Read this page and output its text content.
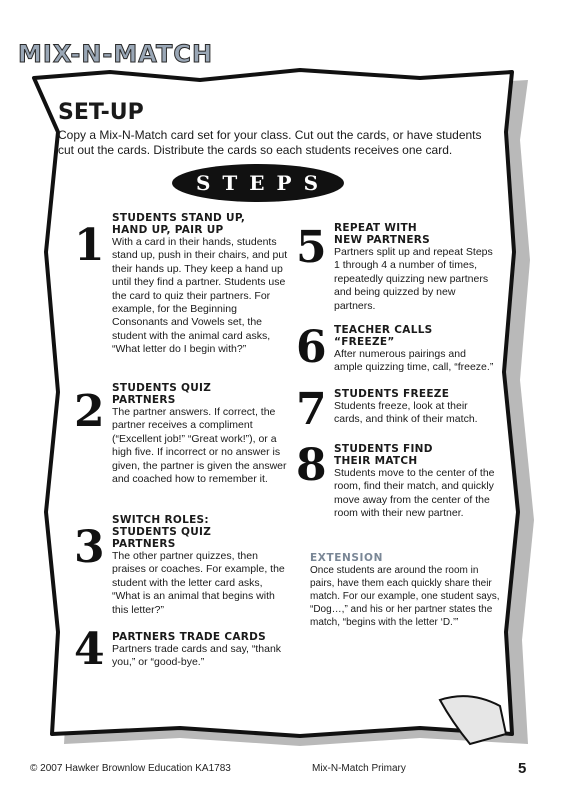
MIX-N-MATCH
SET-UP
Copy a Mix-N-Match card set for your class. Cut out the cards, or have students cut out the cards. Distribute the cards so each students receives one card.
STEPS
1
STUDENTS STAND UP,
HAND UP, PAIR UP
With a card in their hands, students stand up, push in their chairs, and put their hands up. They keep a hand up until they find a partner. Students use the card to quiz their partners. For example, for the Beginning Consonants and Vowels set, the student with the animal card asks, “What letter do I begin with?”
2 STUDENTS QUIZ
PARTNERS
The partner answers. If correct, the partner receives a compliment (“Excellent job!” “Great work!”), or a high five. If incorrect or no answer is given, the partner is given the answer and coached how to remember it.
3
SWITCH ROLES:
STUDENTS QUIZ
PARTNERS
The other partner quizzes, then praises or coaches. For example, the student with the letter card asks, “What is an animal that begins with this letter?”
4 PARTNERS TRADE CARDS
Partners trade cards and say, “thank you,” or “good-bye.”
5 REPEAT WITH
NEW PARTNERS
Partners split up and repeat Steps 1 through 4 a number of times, repeatedly quizzing new partners and being quizzed by new partners.
6 TEACHER CALLS “FREEZE”
After numerous pairings and ample quizzing time, call, “freeze.”
7 STUDENTS FREEZE
Students freeze, look at their cards, and think of their match.
8 STUDENTS FIND
THEIR MATCH
Students move to the center of the room, find their match, and quickly move away from the center of the room with their new partner.
EXTENSION
Once students are around the room in pairs, have them each quickly share their match. For our example, one student says, “Dog…,” and his or her partner states the match, “begins with the letter ‘D.’”
© 2007 Hawker Brownlow Education KA1783	Mix-N-Match Primary	5
